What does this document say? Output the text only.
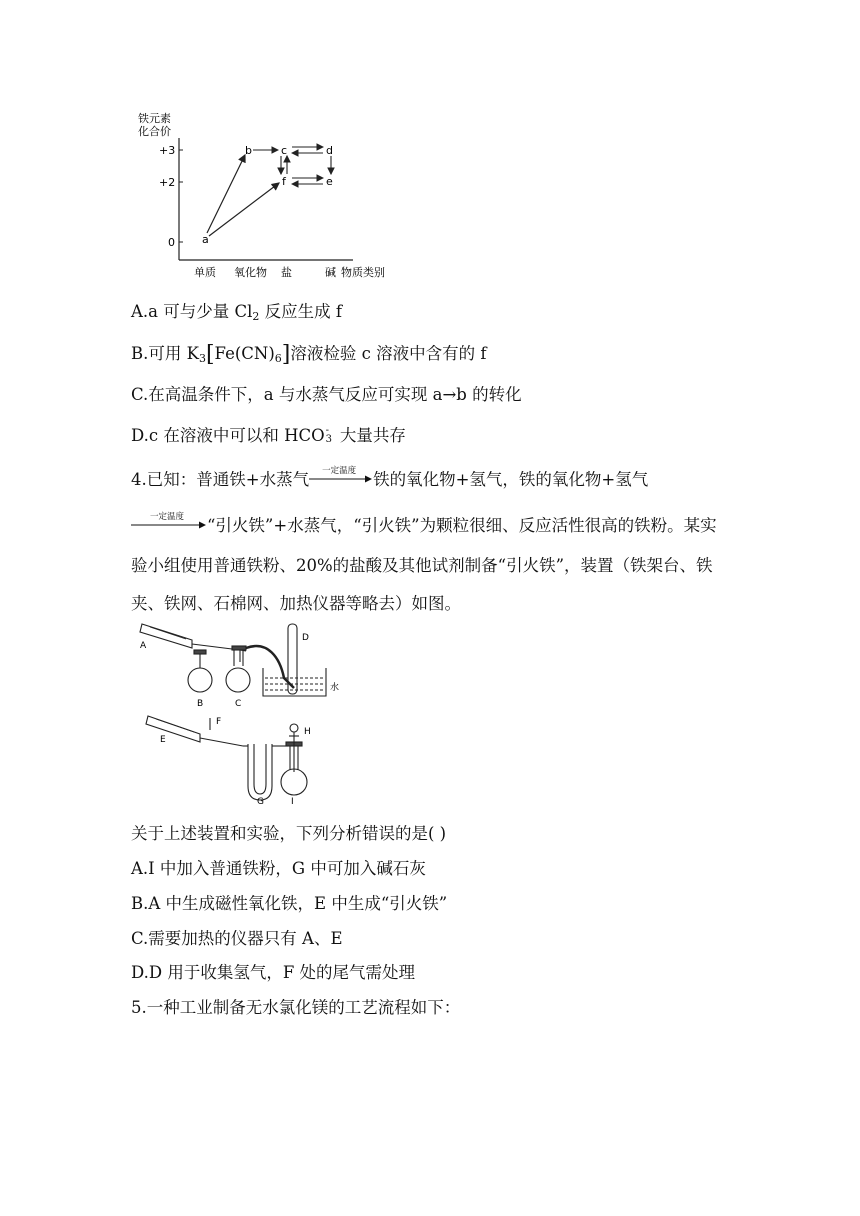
铁元素
化合价
+3
+2
0
单质 氧化物 盐	碱 物质类别
a
b	c
f
d
e
A.a 可与少量 $Cl_2$ 反应生成 f
B.可用 $K_3[Fe(CN)_6]$溶液检验 c 溶液中含有的 f
C.在高温条件下，a 与水蒸气反应可实现 a→b 的转化
D.c 在溶液中可以和 HCO -
3 大量共存
4.已知：普通铁+水蒸气	一定温度	铁的氧化物+氢气，铁的氧化物+氢气
一定温度	“引火铁”+水蒸气，“引火铁”为颗粒很细、反应活性很高的铁粉。某实
验小组使用普通铁粉、20%的盐酸及其他试剂制备“引火铁”，装置（铁架台、铁
夹、铁网、石棉网、加热仪器等略去）如图。
A
B	C
D
水
E
F
G
H
I
关于上述装置和实验，下列分析错误的是( )
A.I 中加入普通铁粉，G 中可加入碱石灰
B.A 中生成磁性氧化铁，E 中生成“引火铁”
C.需要加热的仪器只有 A、E
D.D 用于收集氢气，F 处的尾气需处理
5.一种工业制备无水氯化镁的工艺流程如下：
